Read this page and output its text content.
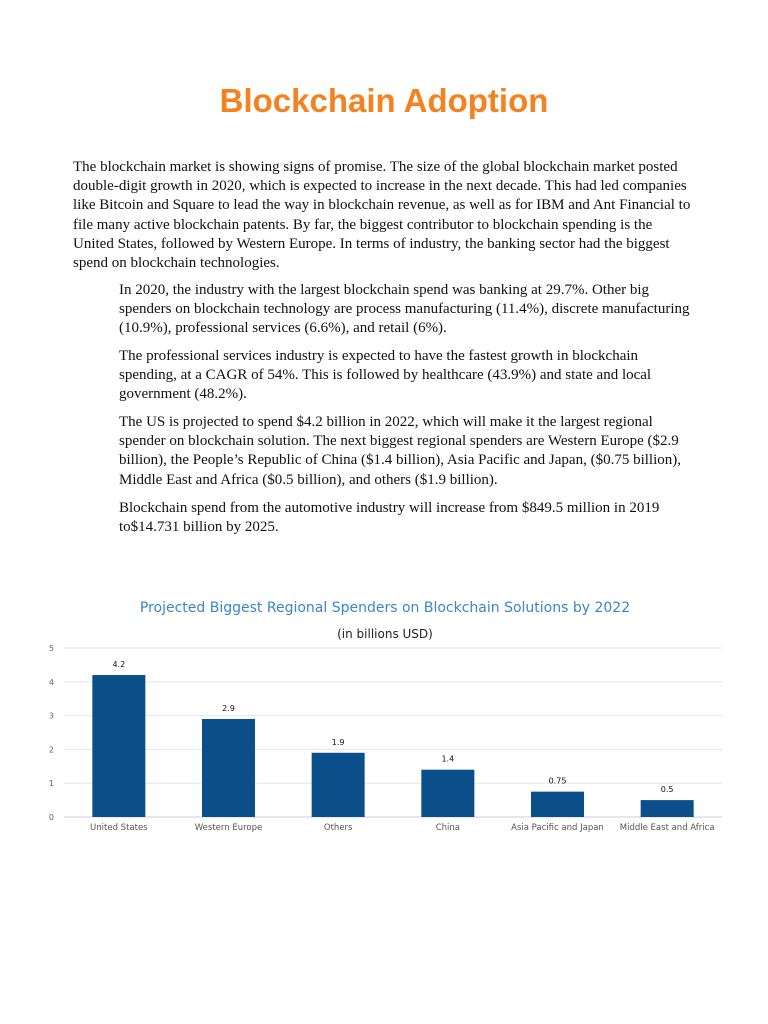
Blockchain Adoption

The blockchain market is showing signs of promise. The size of the global blockchain market posted double-digit growth in 2020, which is expected to increase in the next decade. This had led companies like Bitcoin and Square to lead the way in blockchain revenue, as well as for IBM and Ant Financial to file many active blockchain patents. By far, the biggest contributor to blockchain spending is the United States, followed by Western Europe. In terms of industry, the banking sector had the biggest spend on blockchain technologies.

In 2020, the industry with the largest blockchain spend was banking at 29.7%. Other big spenders on blockchain technology are process manufacturing (11.4%), discrete manufacturing (10.9%), professional services (6.6%), and retail (6%).

The professional services industry is expected to have the fastest growth in blockchain spending, at a CAGR of 54%. This is followed by healthcare (43.9%) and state and local government (48.2%).

The US is projected to spend $4.2 billion in 2022, which will make it the largest regional spender on blockchain solution. The next biggest regional spenders are Western Europe ($2.9 billion), the People’s Republic of China ($1.4 billion), Asia Pacific and Japan, ($0.75 billion), Middle East and Africa ($0.5 billion), and others ($1.9 billion).

Blockchain spend from the automotive industry will increase from $849.5 million in 2019 to$14.731 billion by 2025.

Projected Biggest Regional Spenders on Blockchain Solutions by 2022
(in billions USD)
0
1
2
3
4
5
4.2
2.9
1.9
1.4
0.75
0.5
United States	Western Europe	Others	China	Asia Pacific and Japan Middle East and Africa
